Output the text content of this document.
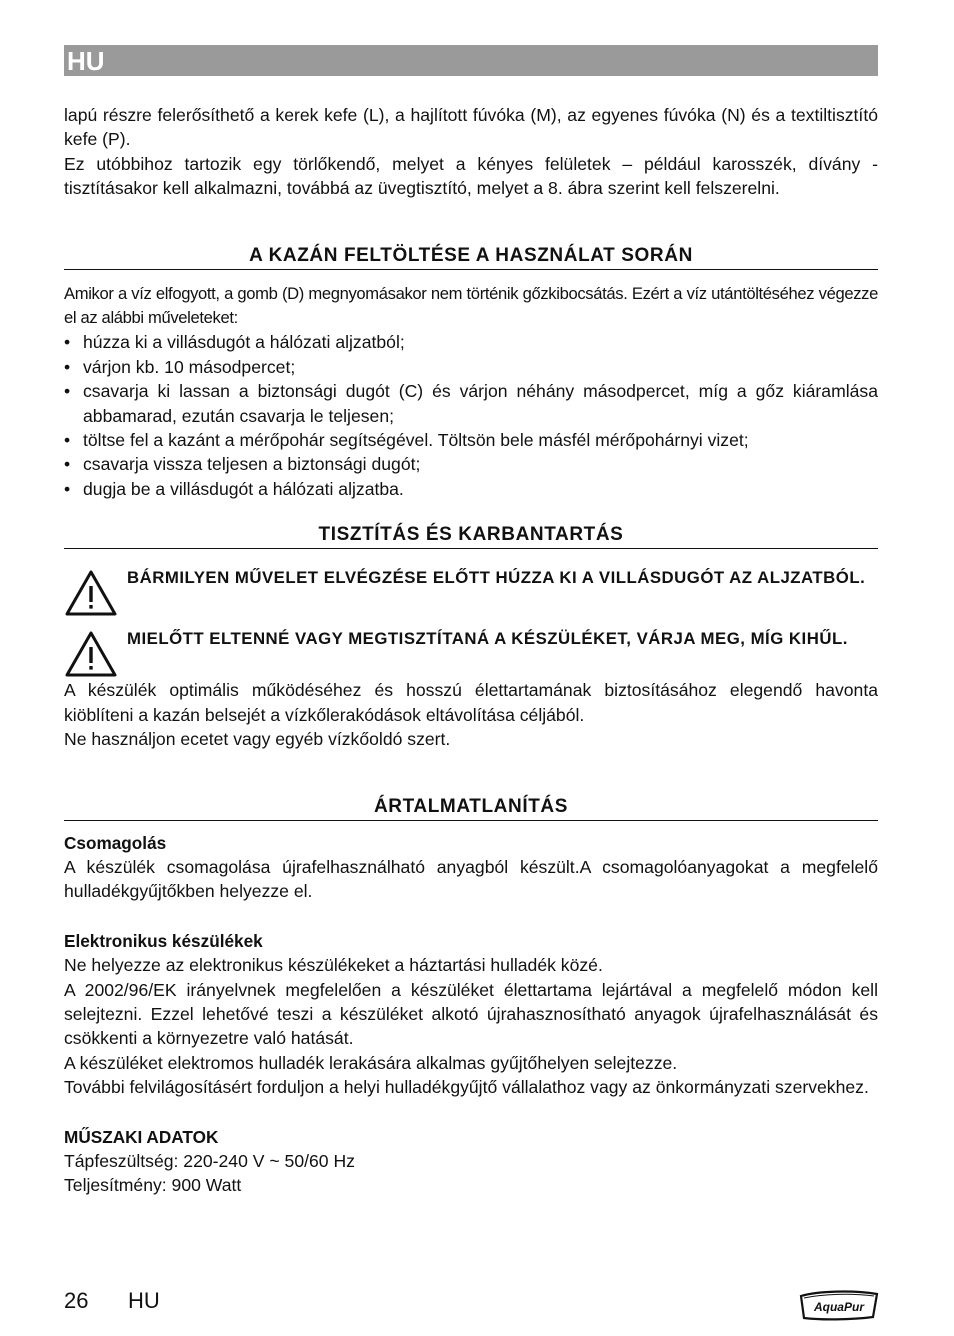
HU

lapú részre felerősíthető a kerek kefe (L), a hajlított fúvóka (M), az egyenes fúvóka (N) és a textiltisztító kefe (P).

Ez utóbbihoz tartozik egy törlőkendő, melyet a kényes felületek – például karosszék, dívány - tisztításakor kell alkalmazni, továbbá az üvegtisztító, melyet a 8. ábra szerint kell felszerelni.

A KAZÁN FELTÖLTÉSE A HASZNÁLAT SORÁN

Amikor a víz elfogyott, a gomb (D) megnyomásakor nem történik gőzkibocsátás. Ezért a víz utántöltéséhez végezze el az alábbi műveleteket:

• húzza ki a villásdugót a hálózati aljzatból;
• várjon kb. 10 másodpercet;
• csavarja ki lassan a biztonsági dugót (C) és várjon néhány másodpercet, míg a gőz kiáramlása abbamarad, ezután csavarja le teljesen;
• töltse fel a kazánt a mérőpohár segítségével. Töltsön bele másfél mérőpohárnyi vizet;
• csavarja vissza teljesen a biztonsági dugót;
• dugja be a villásdugót a hálózati aljzatba.
TISZTÍTÁS ÉS KARBANTARTÁS
BÁRMILYEN MŰVELET ELVÉGZÉSE ELŐTT HÚZZA KI A VILLÁSDUGÓT AZ ALJZATBÓL.
MIELŐTT ELTENNÉ VAGY MEGTISZTÍTANÁ A KÉSZÜLÉKET, VÁRJA MEG, MÍG KIHŰL.

A készülék optimális működéséhez és hosszú élettartamának biztosításához elegendő havonta kiöblíteni a kazán belsejét a vízkőlerakódások eltávolítása céljából.

Ne használjon ecetet vagy egyéb vízkőoldó szert.

ÁRTALMATLANÍTÁS

Csomagolás

A készülék csomagolása újrafelhasználható anyagból készült.A csomagolóanyagokat a megfelelő hulladékgyűjtőkben helyezze el.

Elektronikus készülékek

Ne helyezze az elektronikus készülékeket a háztartási hulladék közé.

A 2002/96/EK irányelvnek megfelelően a készüléket élettartama lejártával a megfelelő módon kell selejtezni. Ezzel lehetővé teszi a készüléket alkotó újrahasznosítható anyagok újrafelhasználását és csökkenti a környezetre való hatását.

A készüléket elektromos hulladék lerakására alkalmas gyűjtőhelyen selejtezze.

További felvilágosításért forduljon a helyi hulladékgyűjtő vállalathoz vagy az önkormányzati szervekhez.

MŰSZAKI ADATOK

Tápfeszültség: 220-240 V ~ 50/60 Hz

Teljesítmény: 900 Watt

26 HU	AquaPur
